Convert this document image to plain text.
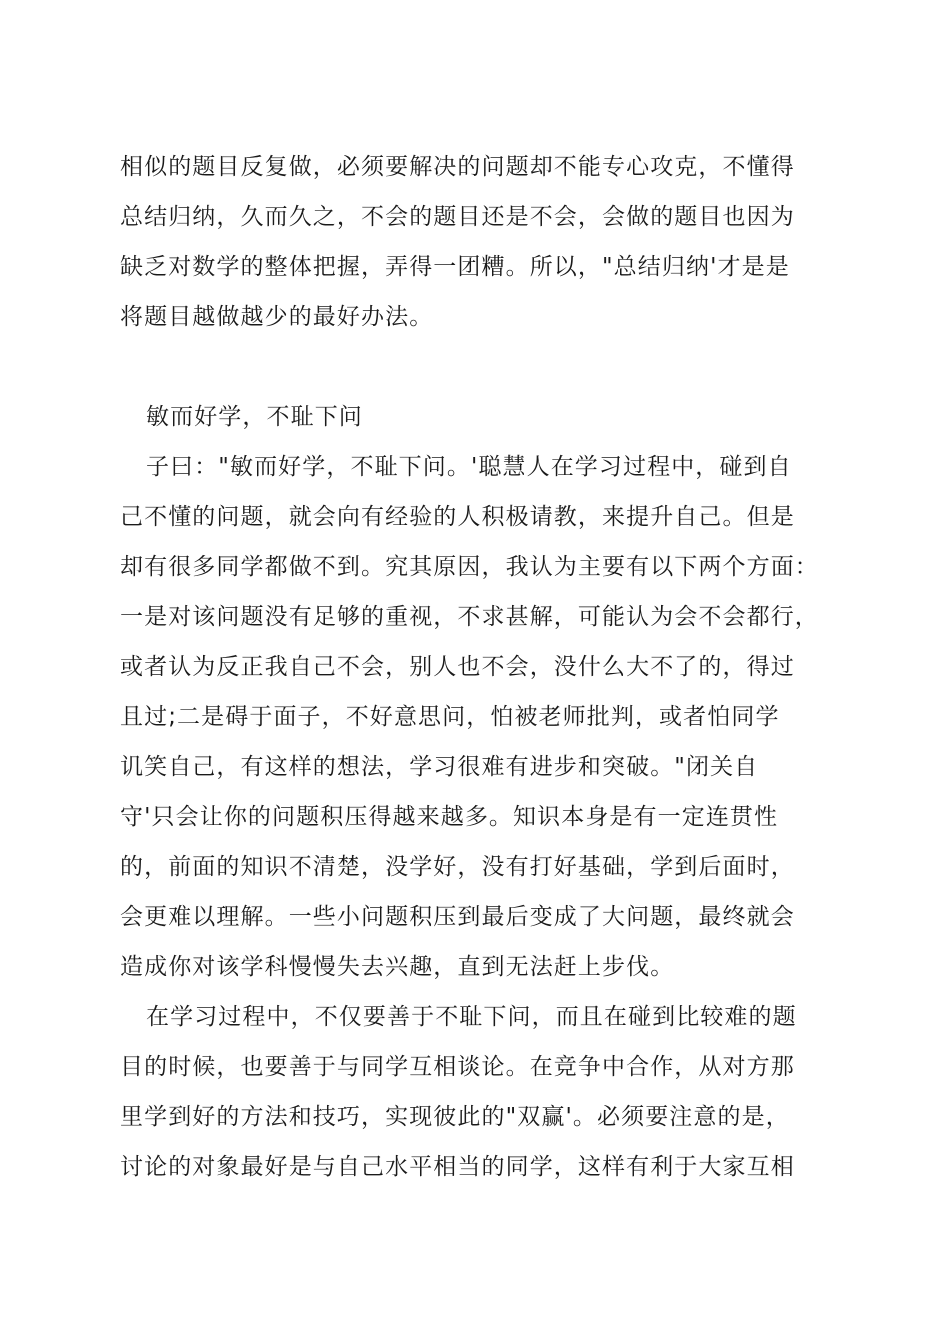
相似的题目反复做，必须要解决的问题却不能专心攻克，不懂得
总结归纳，久而久之，不会的题目还是不会，会做的题目也因为
缺乏对数学的整体把握，弄得一团糟。所以，"总结归纳'才是是
将题目越做越少的最好办法。
敏而好学，不耻下问
子曰："敏而好学，不耻下问。'聪慧人在学习过程中，碰到自
己不懂的问题，就会向有经验的人积极请教，来提升自己。但是
却有很多同学都做不到。究其原因，我认为主要有以下两个方面：
一是对该问题没有足够的重视，不求甚解，可能认为会不会都行，
或者认为反正我自己不会，别人也不会，没什么大不了的，得过
且过;二是碍于面子，不好意思问，怕被老师批判，或者怕同学
讥笑自己，有这样的想法，学习很难有进步和突破。"闭关自
守'只会让你的问题积压得越来越多。知识本身是有一定连贯性
的，前面的知识不清楚，没学好，没有打好基础，学到后面时，
会更难以理解。一些小问题积压到最后变成了大问题，最终就会
造成你对该学科慢慢失去兴趣，直到无法赶上步伐。
在学习过程中，不仅要善于不耻下问，而且在碰到比较难的题
目的时候，也要善于与同学互相谈论。在竞争中合作，从对方那
里学到好的方法和技巧，实现彼此的"双赢'。必须要注意的是，
讨论的对象最好是与自己水平相当的同学，这样有利于大家互相
